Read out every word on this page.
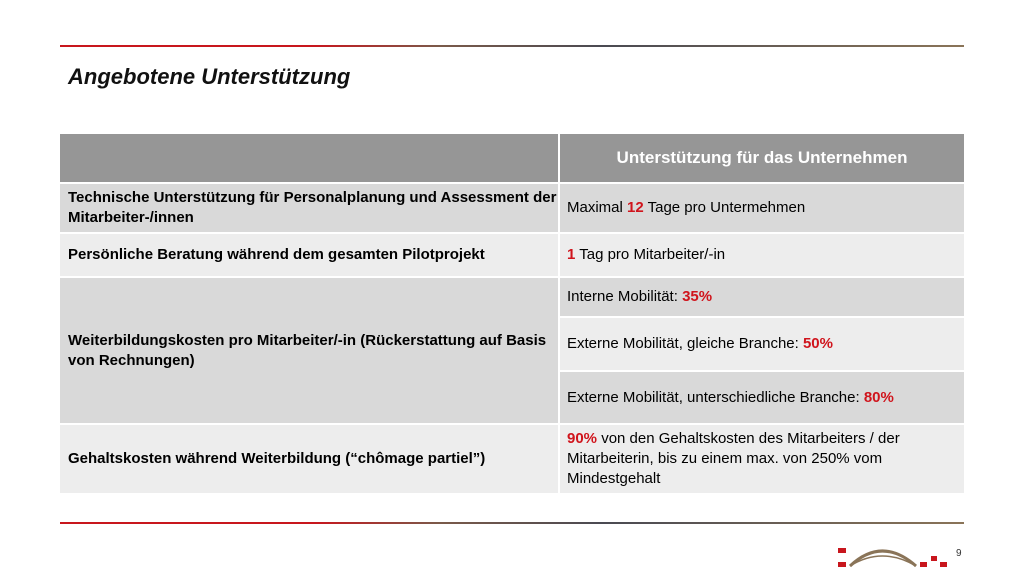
Angebotene Unterstützung
Unterstützung für das Unternehmen
Technische Unterstützung für Personalplanung und Assessment der Mitarbeiter-/innen
Maximal 12 Tage pro Untermehmen
Persönliche Beratung während dem gesamten Pilotprojekt	1 Tag pro Mitarbeiter/-in
Weiterbildungskosten pro Mitarbeiter/-in (Rückerstattung auf Basis von Rechnungen)
Interne Mobilität: 35%
Externe Mobilität, gleiche Branche: 50%
Externe Mobilität, unterschiedliche Branche: 80%
Gehaltskosten während Weiterbildung (“chômage partiel”)
90% von den Gehaltskosten des Mitarbeiters / der Mitarbeiterin, bis zu einem max. von 250% vom Mindestgehalt
9
